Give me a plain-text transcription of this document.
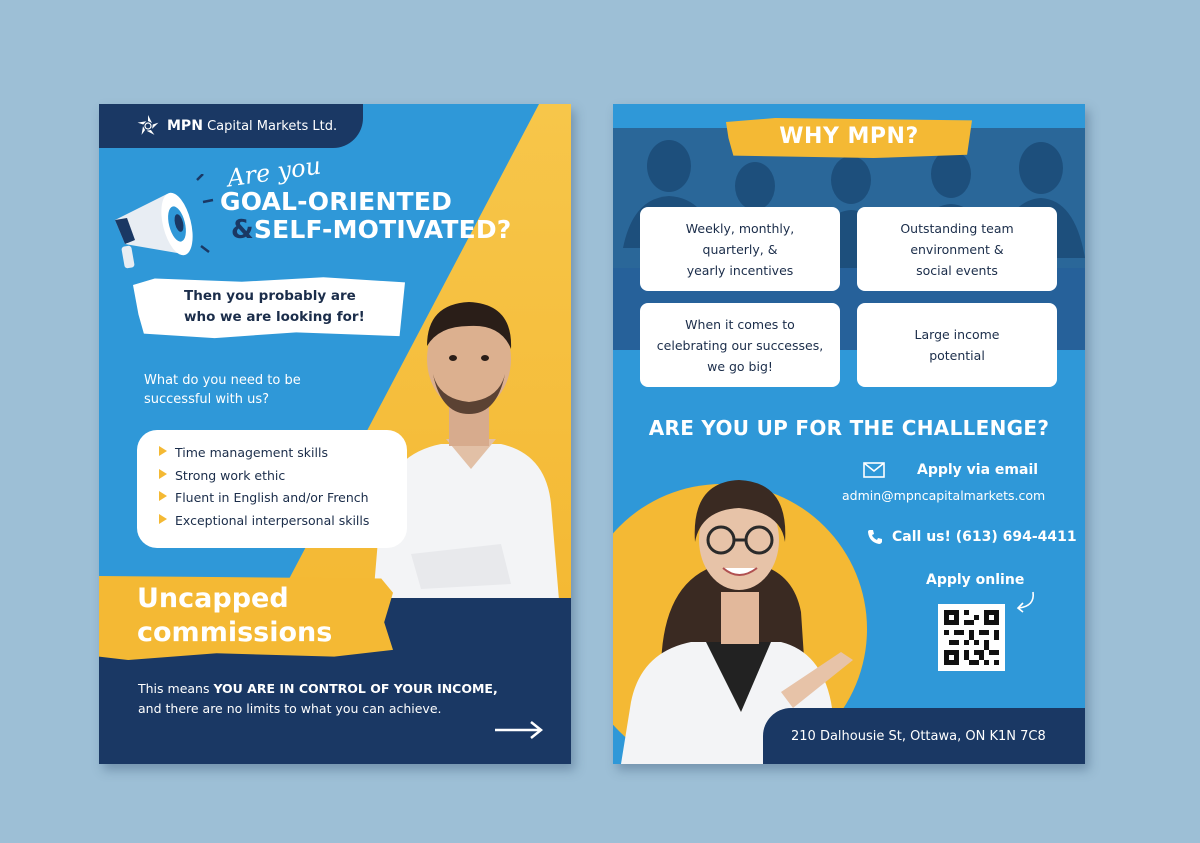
MPN Capital Markets Ltd.
Are you
GOAL-ORIENTED
&SELF-MOTIVATED?
Then you probably are
who we are looking for!
What do you need to be
successful with us?
Time management skills
Strong work ethic
Fluent in English and/or French
Exceptional interpersonal skills
Uncapped
commissions
This means YOU ARE IN CONTROL OF YOUR INCOME,
and there are no limits to what you can achieve.
WHY MPN?
Weekly, monthly,
quarterly, &
yearly incentives
Outstanding team
environment &
social events
When it comes to
celebrating our successes,
we go big!
Large income
potential
ARE YOU UP FOR THE CHALLENGE?
Apply via email
admin@mpncapitalmarkets.com
Call us! (613) 694-4411
Apply online
210 Dalhousie St, Ottawa, ON K1N 7C8
